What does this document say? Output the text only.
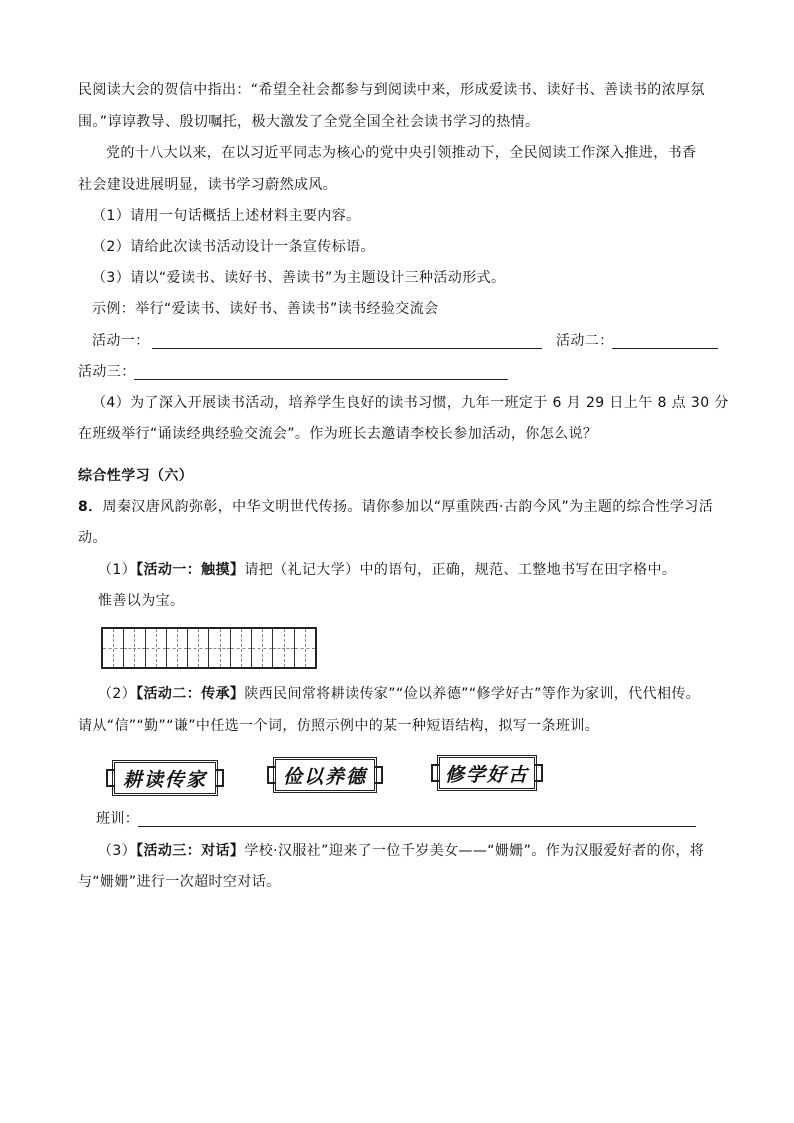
民阅读大会的贺信中指出：“希望全社会都参与到阅读中来，形成爱读书、读好书、善读书的浓厚氛
围。”谆谆教导、殷切嘱托，极大激发了全党全国全社会读书学习的热情。
党的十八大以来，在以习近平同志为核心的党中央引领推动下，全民阅读工作深入推进，书香
社会建设进展明显，读书学习蔚然成风。
（1）请用一句话概括上述材料主要内容。
（2）请给此次读书活动设计一条宣传标语。
（3）请以“爱读书、读好书、善读书”为主题设计三种活动形式。
示例：举行“爱读书、读好书、善读书”读书经验交流会
活动一：	活动二：
活动三：
（4）为了深入开展读书活动，培养学生良好的读书习惯，九年一班定于 6 月 29 日上午 8 点 30 分
在班级举行“诵读经典经验交流会”。作为班长去邀请李校长参加活动，你怎么说？
综合性学习（六）
8．周秦汉唐风韵弥彰，中华文明世代传扬。请你参加以“厚重陕西·古韵今风”为主题的综合性学习活
动。
（1）【活动一：触摸】请把（礼记大学）中的语句，正确，规范、工整地书写在田字格中。
惟善以为宝。
（2）【活动二：传承】陕西民间常将耕读传家”“俭以养德”“修学好古”等作为家训，代代相传。
请从“信”“勤”“谦”中任选一个词，仿照示例中的某一种短语结构，拟写一条班训。
耕读传家	俭以养德	修学好古
班训：
（3）【活动三：对话】学校·汉服社”迎来了一位千岁美女——“姗姗”。作为汉服爱好者的你，将
与“姗姗”进行一次超时空对话。
